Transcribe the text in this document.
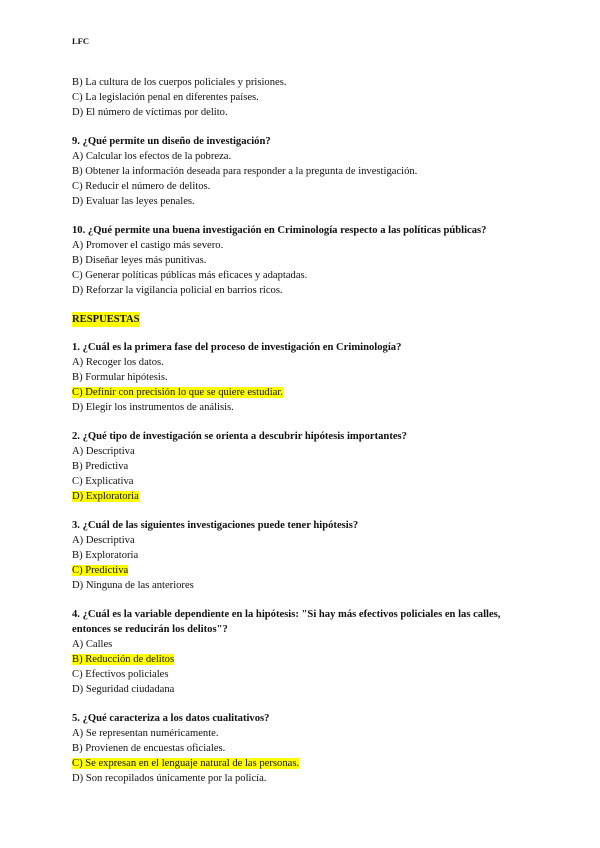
LFC
B) La cultura de los cuerpos policiales y prisiones.
C) La legislación penal en diferentes países.
D) El número de víctimas por delito.
9. ¿Qué permite un diseño de investigación?
A) Calcular los efectos de la pobreza.
B) Obtener la información deseada para responder a la pregunta de investigación.
C) Reducir el número de delitos.
D) Evaluar las leyes penales.
10. ¿Qué permite una buena investigación en Criminología respecto a las políticas públicas?
A) Promover el castigo más severo.
B) Diseñar leyes más punitivas.
C) Generar políticas públicas más eficaces y adaptadas.
D) Reforzar la vigilancia policial en barrios ricos.
RESPUESTAS
1. ¿Cuál es la primera fase del proceso de investigación en Criminología?
A) Recoger los datos.
B) Formular hipótesis.
C) Definir con precisión lo que se quiere estudiar.
D) Elegir los instrumentos de análisis.
2. ¿Qué tipo de investigación se orienta a descubrir hipótesis importantes?
A) Descriptiva
B) Predictiva
C) Explicativa
D) Exploratoria
3. ¿Cuál de las siguientes investigaciones puede tener hipótesis?
A) Descriptiva
B) Exploratoria
C) Predictiva
D) Ninguna de las anteriores
4. ¿Cuál es la variable dependiente en la hipótesis: "Si hay más efectivos policiales en las calles,
entonces se reducirán los delitos"?
A) Calles
B) Reducción de delitos
C) Efectivos policiales
D) Seguridad ciudadana
5. ¿Qué caracteriza a los datos cualitativos?
A) Se representan numéricamente.
B) Provienen de encuestas oficiales.
C) Se expresan en el lenguaje natural de las personas.
D) Son recopilados únicamente por la policía.
